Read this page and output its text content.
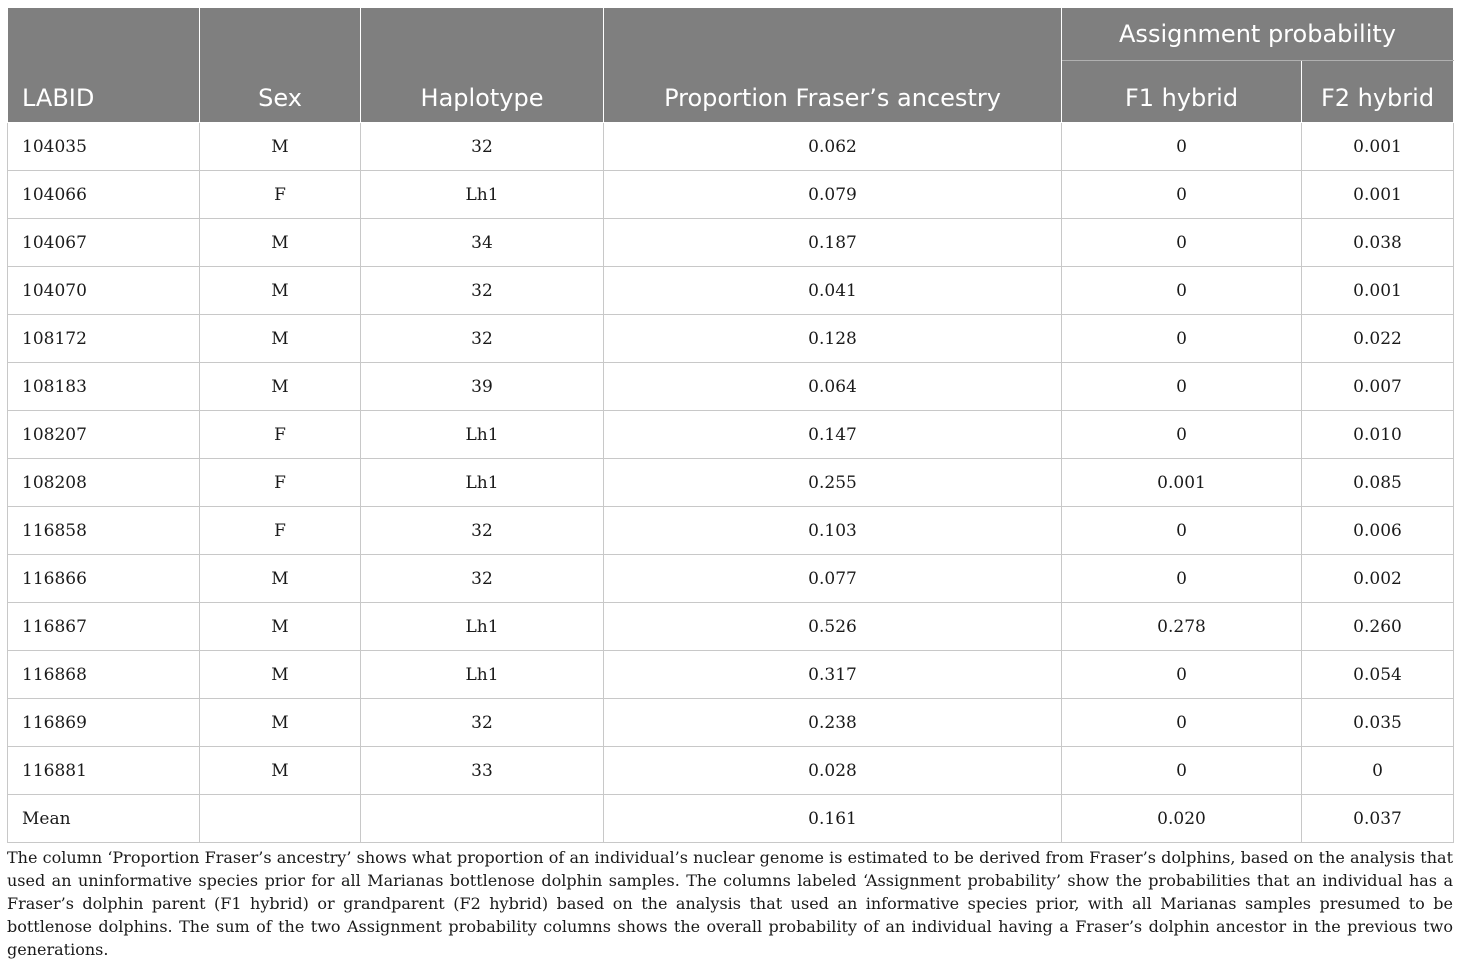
LABID	Sex	Haplotype	Proportion Fraser’s ancestry	Assignment probability	
				F1 hybrid	F2 hybrid
104035	M	32	0.062	0	0.001
104066	F	Lh1	0.079	0	0.001
104067	M	34	0.187	0	0.038
104070	M	32	0.041	0	0.001
108172	M	32	0.128	0	0.022
108183	M	39	0.064	0	0.007
108207	F	Lh1	0.147	0	0.010
108208	F	Lh1	0.255	0.001	0.085
116858	F	32	0.103	0	0.006
116866	M	32	0.077	0	0.002
116867	M	Lh1	0.526	0.278	0.260
116868	M	Lh1	0.317	0	0.054
116869	M	32	0.238	0	0.035
116881	M	33	0.028	0	0
Mean			0.161	0.020	0.037

The column ‘Proportion Fraser’s ancestry’ shows what proportion of an individual’s nuclear genome is estimated to be derived from Fraser’s dolphins, based on the analysis that used an uninformative species prior for all Marianas bottlenose dolphin samples. The columns labeled ‘Assignment probability’ show the probabilities that an individual has a Fraser’s dolphin parent (F1 hybrid) or grandparent (F2 hybrid) based on the analysis that used an informative species prior, with all Marianas samples presumed to be bottlenose dolphins. The sum of the two Assignment probability columns shows the overall probability of an individual having a Fraser’s dolphin ancestor in the previous two generations.
